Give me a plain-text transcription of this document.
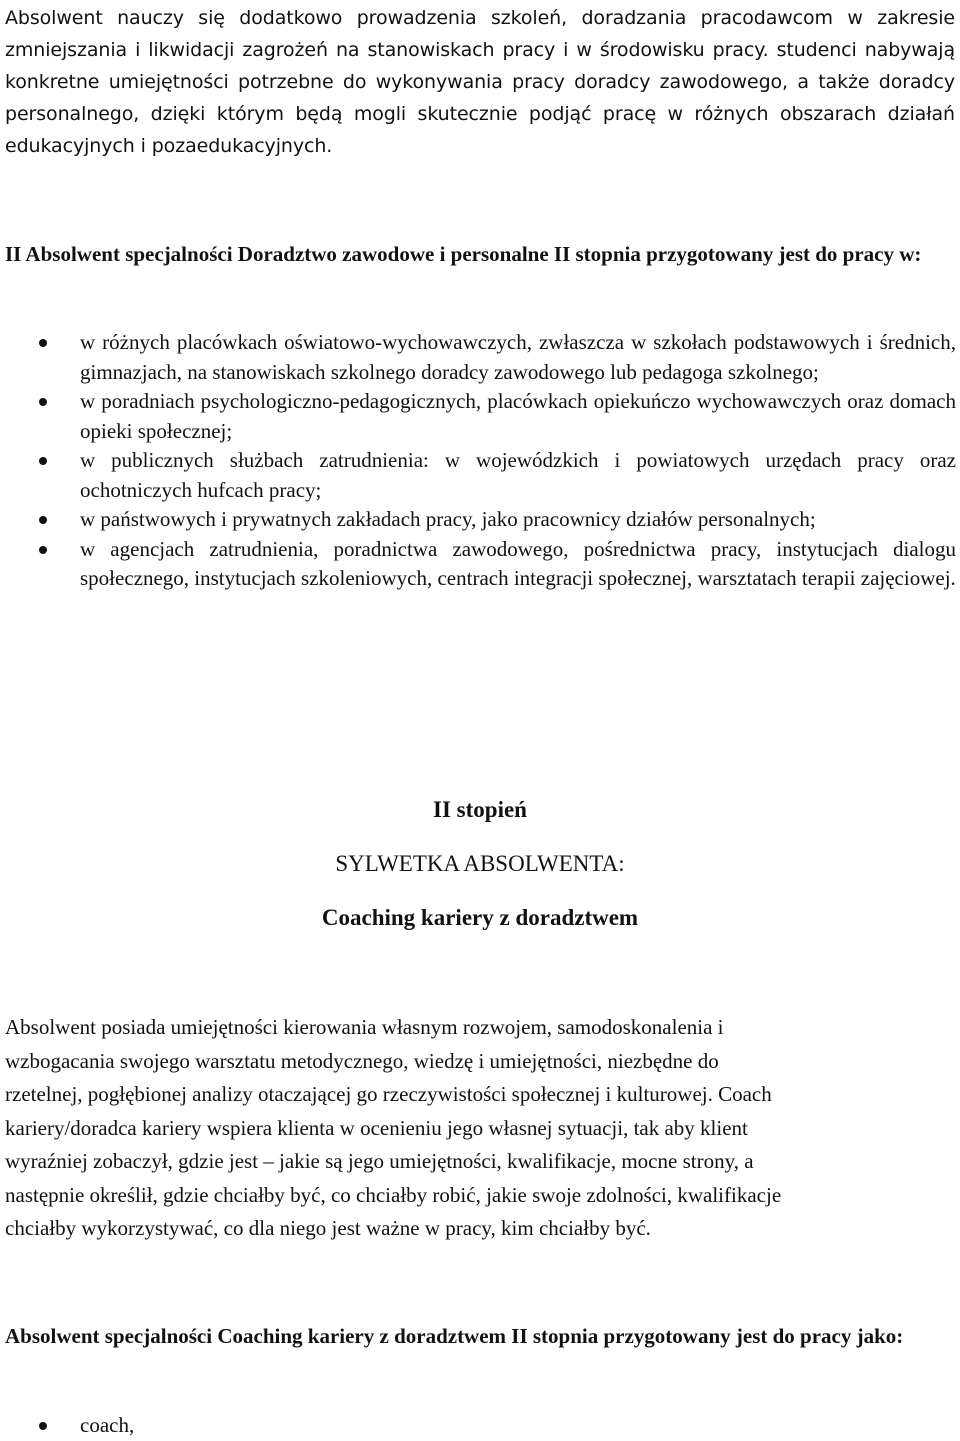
Absolwent nauczy się dodatkowo prowadzenia szkoleń, doradzania pracodawcom w zakresie zmniejszania i likwidacji zagrożeń na stanowiskach pracy i w środowisku pracy. studenci nabywają konkretne umiejętności potrzebne do wykonywania pracy doradcy zawodowego, a także doradcy personalnego, dzięki którym będą mogli skutecznie podjąć pracę w różnych obszarach działań edukacyjnych i pozaedukacyjnych.
II Absolwent specjalności Doradztwo zawodowe i personalne II stopnia przygotowany jest do pracy w:
w różnych placówkach oświatowo-wychowawczych, zwłaszcza w szkołach podstawowych i średnich, gimnazjach, na stanowiskach szkolnego doradcy zawodowego lub pedagoga szkolnego;
w poradniach psychologiczno-pedagogicznych, placówkach opiekuńczo wychowawczych oraz domach opieki społecznej;
w publicznych służbach zatrudnienia: w wojewódzkich i powiatowych urzędach pracy oraz ochotniczych hufcach pracy;
w państwowych i prywatnych zakładach pracy, jako pracownicy działów personalnych;
w agencjach zatrudnienia, poradnictwa zawodowego, pośrednictwa pracy, instytucjach dialogu społecznego, instytucjach szkoleniowych, centrach integracji społecznej, warsztatach terapii zajęciowej.
II stopień
SYLWETKA ABSOLWENTA:
Coaching kariery z doradztwem
Absolwent posiada umiejętności kierowania własnym rozwojem, samodoskonalenia i
wzbogacania swojego warsztatu metodycznego, wiedzę i umiejętności, niezbędne do
rzetelnej, pogłębionej analizy otaczającej go rzeczywistości społecznej i kulturowej. Coach
kariery/doradca kariery wspiera klienta w ocenieniu jego własnej sytuacji, tak aby klient
wyraźniej zobaczył, gdzie jest – jakie są jego umiejętności, kwalifikacje, mocne strony, a
następnie określił, gdzie chciałby być, co chciałby robić, jakie swoje zdolności, kwalifikacje
chciałby wykorzystywać, co dla niego jest ważne w pracy, kim chciałby być.
Absolwent specjalności Coaching kariery z doradztwem II stopnia przygotowany jest do pracy jako:
coach,
